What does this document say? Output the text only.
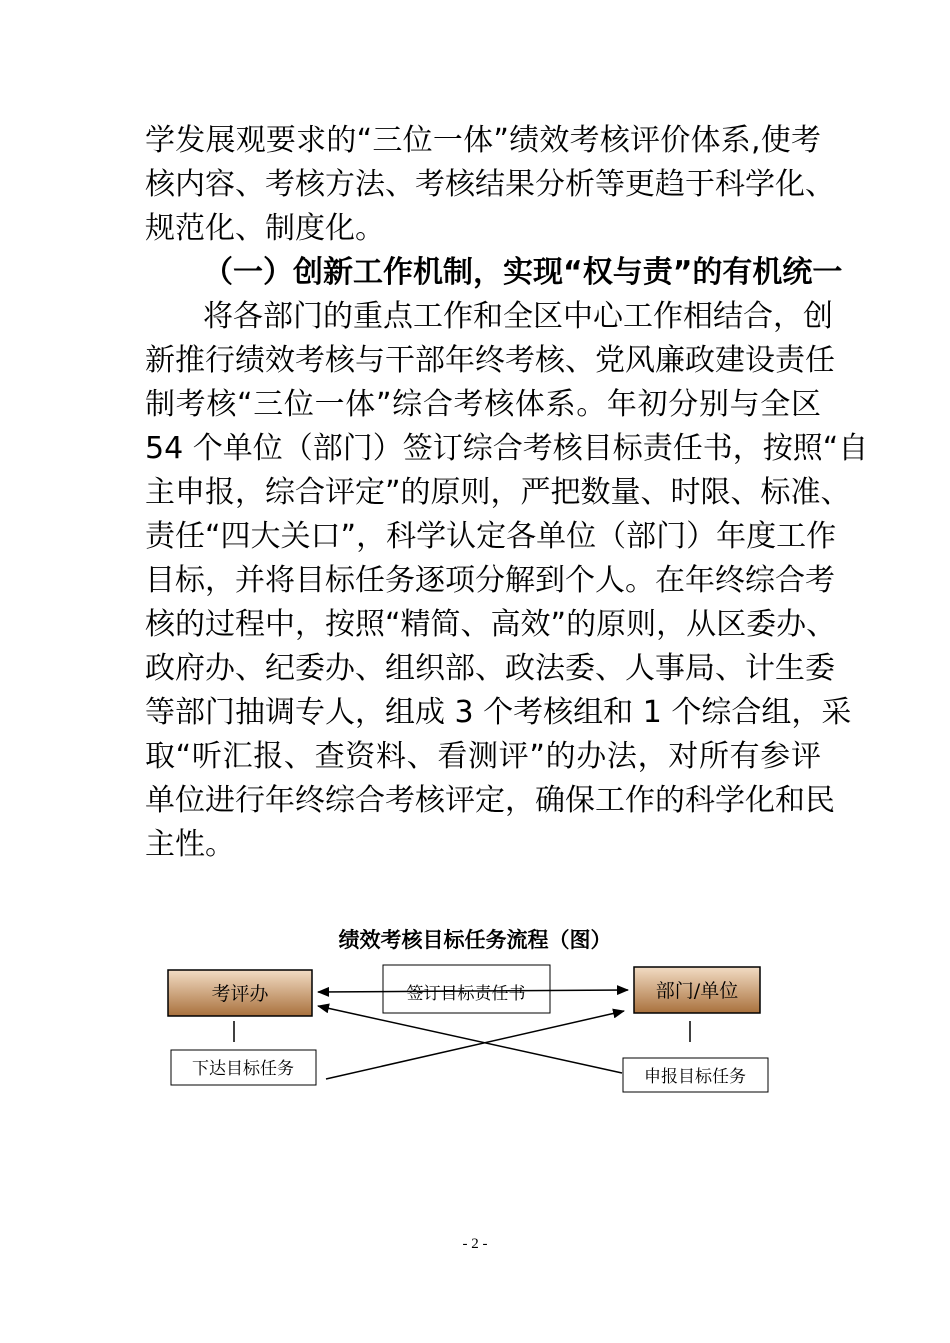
学发展观要求的“三位一体”绩效考核评价体系,使考
核内容、考核方法、考核结果分析等更趋于科学化、
规范化、制度化。
（一）创新工作机制，实现“权与责”的有机统一
将各部门的重点工作和全区中心工作相结合，创
新推行绩效考核与干部年终考核、党风廉政建设责任
制考核“三位一体”综合考核体系。年初分别与全区
54 个单位（部门）签订综合考核目标责任书，按照“自
主申报，综合评定”的原则，严把数量、时限、标准、
责任“四大关口”，科学认定各单位（部门）年度工作
目标，并将目标任务逐项分解到个人。在年终综合考
核的过程中，按照“精简、高效”的原则，从区委办、
政府办、纪委办、组织部、政法委、人事局、计生委
等部门抽调专人，组成 3 个考核组和 1 个综合组，采
取“听汇报、查资料、看测评”的办法，对所有参评
单位进行年终综合考核评定，确保工作的科学化和民
主性。
绩效考核目标任务流程（图）
考评办	部门/单位
签订目标责任书
下达目标任务	申报目标任务
- 2 -
